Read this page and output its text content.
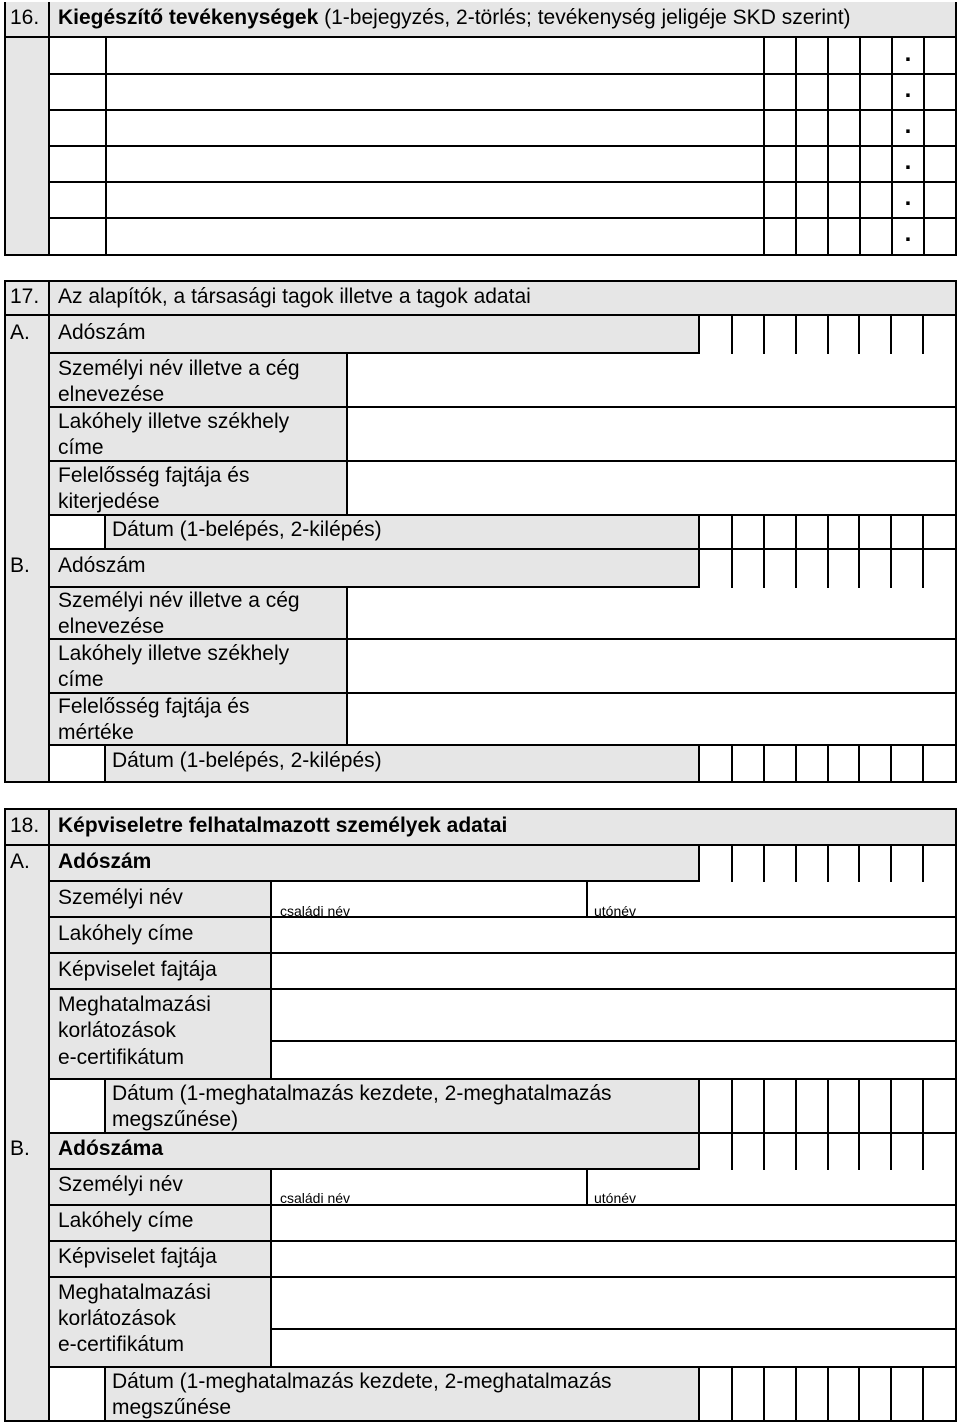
16. Kiegészítő tevékenységek (1-bejegyzés, 2-törlés; tevékenység jeligéje SKD szerint)
.
.
.
.
.
.
17. Az alapítók, a társasági tagok illetve a tagok adatai
A. Adószám
Személyi név illetve a cég elnevezése
Lakóhely illetve székhely címe
Felelősség fajtája és kiterjedése
Dátum (1-belépés, 2-kilépés)
B. Adószám
Személyi név illetve a cég elnevezése
Lakóhely illetve székhely címe
Felelősség fajtája és mértéke
Dátum (1-belépés, 2-kilépés)
18. Képviseletre felhatalmazott személyek adatai
A. Adószám
Személyi név
családi név	utónév
Lakóhely címe
Képviselet fajtája
Meghatalmazási korlátozások
e-certifikátum
Dátum (1-meghatalmazás kezdete, 2-meghatalmazás megszűnése)
B. Adószáma
Személyi név
családi név	utónév
Lakóhely címe
Képviselet fajtája
Meghatalmazási korlátozások
e-certifikátum
Dátum (1-meghatalmazás kezdete, 2-meghatalmazás megszűnése
